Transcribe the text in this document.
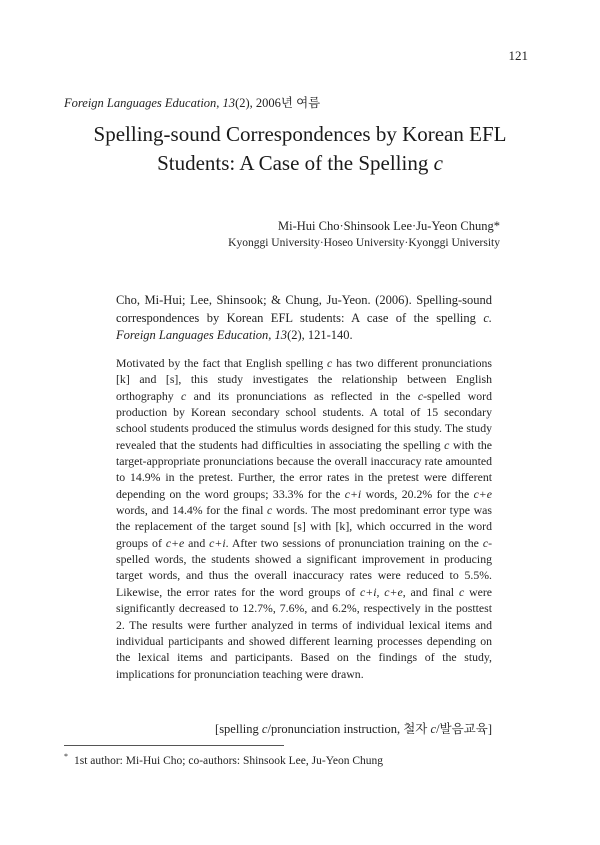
121
Foreign Languages Education, 13(2), 2006년 여름
Spelling-sound Correspondences by Korean EFL
Students: A Case of the Spelling c
Mi-Hui Cho·Shinsook Lee·Ju-Yeon Chung*
Kyonggi University·Hoseo University·Kyonggi University
Cho, Mi-Hui; Lee, Shinsook; & Chung, Ju-Yeon. (2006). Spelling-sound correspondences by Korean EFL students: A case of the spelling c. Foreign Languages Education, 13(2), 121-140.

Motivated by the fact that English spelling c has two different pronunciations [k] and [s], this study investigates the relationship between English orthography c and its pronunciations as reflected in the c-spelled word production by Korean secondary school students. A total of 15 secondary school students produced the stimulus words designed for this study. The study revealed that the students had difficulties in associating the spelling c with the target-appropriate pronunciations because the overall inaccuracy rate amounted to 14.9% in the pretest. Further, the error rates in the pretest were different depending on the word groups; 33.3% for the c+i words, 20.2% for the c+e words, and 14.4% for the final c words. The most predominant error type was the replacement of the target sound [s] with [k], which occurred in the word groups of c+e and c+i. After two sessions of pronunciation training on the c-spelled words, the students showed a significant improvement in producing target words, and thus the overall inaccuracy rates were reduced to 5.5%. Likewise, the error rates for the word groups of c+i, c+e, and final c were significantly decreased to 12.7%, 7.6%, and 6.2%, respectively in the posttest 2. The results were further analyzed in terms of individual lexical items and individual participants and showed different learning processes depending on the lexical items and participants. Based on the findings of the study, implications for pronunciation teaching were drawn.

[spelling c/pronunciation instruction, 철자 c/발음교육]
* 1st author: Mi-Hui Cho; co-authors: Shinsook Lee, Ju-Yeon Chung
